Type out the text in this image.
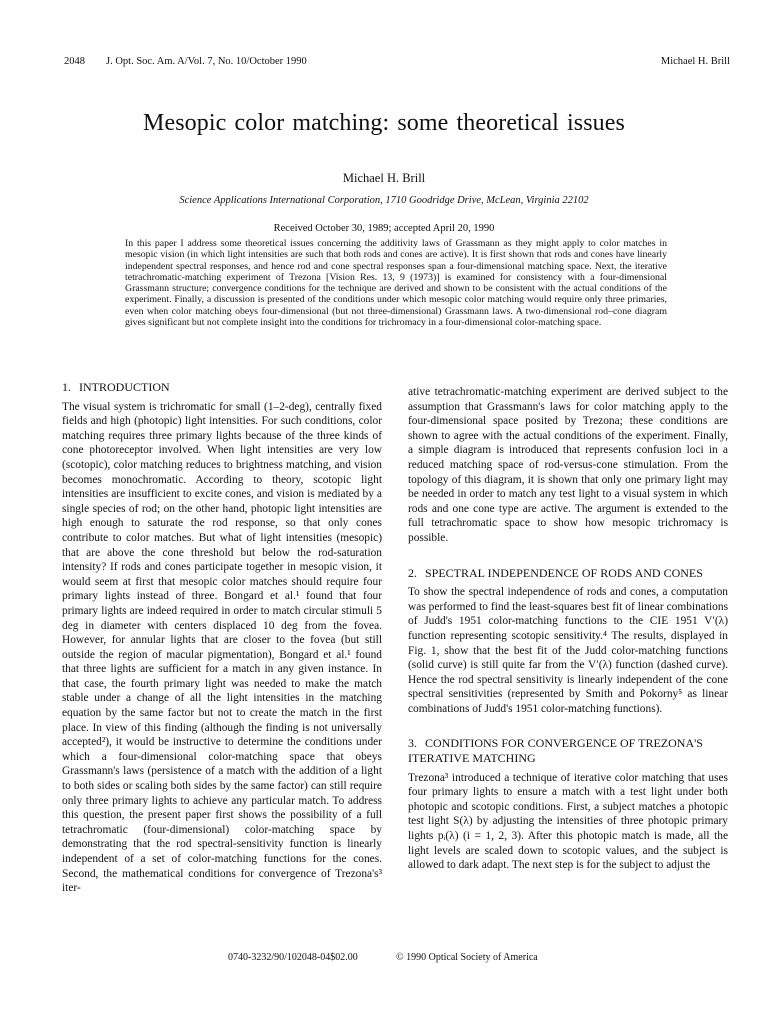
2048 J. Opt. Soc. Am. A/Vol. 7, No. 10/October 1990	Michael H. Brill
Mesopic color matching: some theoretical issues
Michael H. Brill
Science Applications International Corporation, 1710 Goodridge Drive, McLean, Virginia 22102
Received October 30, 1989; accepted April 20, 1990
In this paper I address some theoretical issues concerning the additivity laws of Grassmann as they might apply to color matches in mesopic vision (in which light intensities are such that both rods and cones are active). It is first shown that rods and cones have linearly independent spectral responses, and hence rod and cone spectral responses span a four-dimensional matching space. Next, the iterative tetrachromatic-matching experiment of Trezona [Vision Res. 13, 9 (1973)] is examined for consistency with a four-dimensional Grassmann structure; convergence conditions for the technique are derived and shown to be consistent with the actual conditions of the experiment. Finally, a discussion is presented of the conditions under which mesopic color matching would require only three primaries, even when color matching obeys four-dimensional (but not three-dimensional) Grassmann laws. A two-dimensional rod–cone diagram gives significant but not complete insight into the conditions for trichromacy in a four-dimensional color-matching space.
1. INTRODUCTION

The visual system is trichromatic for small (1–2-deg), centrally fixed fields and high (photopic) light intensities. For such conditions, color matching requires three primary lights because of the three kinds of cone photoreceptor involved. When light intensities are very low (scotopic), color matching reduces to brightness matching, and vision becomes monochromatic. According to theory, scotopic light intensities are insufficient to excite cones, and vision is mediated by a single species of rod; on the other hand, photopic light intensities are high enough to saturate the rod response, so that only cones contribute to color matches. But what of light intensities (mesopic) that are above the cone threshold but below the rod-saturation intensity? If rods and cones participate together in mesopic vision, it would seem at first that mesopic color matches should require four primary lights instead of three. Bongard et al.¹ found that four primary lights are indeed required in order to match circular stimuli 5 deg in diameter with centers displaced 10 deg from the fovea. However, for annular lights that are closer to the fovea (but still outside the region of macular pigmentation), Bongard et al.¹ found that three lights are sufficient for a match in any given instance. In that case, the fourth primary light was needed to make the match stable under a change of all the light intensities in the matching equation by the same factor but not to create the match in the first place. In view of this finding (although the finding is not universally accepted²), it would be instructive to determine the conditions under which a four-dimensional color-matching space that obeys Grassmann's laws (persistence of a match with the addition of a light to both sides or scaling both sides by the same factor) can still require only three primary lights to achieve any particular match. To address this question, the present paper first shows the possibility of a full tetrachromatic (four-dimensional) color-matching space by demonstrating that the rod spectral-sensitivity function is linearly independent of a set of color-matching functions for the cones. Second, the mathematical conditions for convergence of Trezona's³ iter-

ative tetrachromatic-matching experiment are derived subject to the assumption that Grassmann's laws for color matching apply to the four-dimensional space posited by Trezona; these conditions are shown to agree with the actual conditions of the experiment. Finally, a simple diagram is introduced that represents confusion loci in a reduced matching space of rod-versus-cone stimulation. From the topology of this diagram, it is shown that only one primary light may be needed in order to match any test light to a visual system in which rods and one cone type are active. The argument is extended to the full tetrachromatic space to show how mesopic trichromacy is possible.

2. SPECTRAL INDEPENDENCE OF RODS AND CONES

To show the spectral independence of rods and cones, a computation was performed to find the least-squares best fit of linear combinations of Judd's 1951 color-matching functions to the CIE 1951 V′(λ) function representing scotopic sensitivity.⁴ The results, displayed in Fig. 1, show that the best fit of the Judd color-matching functions (solid curve) is still quite far from the V′(λ) function (dashed curve). Hence the rod spectral sensitivity is linearly independent of the cone spectral sensitivities (represented by Smith and Pokorny⁵ as linear combinations of Judd's 1951 color-matching functions).

3. CONDITIONS FOR CONVERGENCE OF TREZONA'S ITERATIVE MATCHING

Trezona³ introduced a technique of iterative color matching that uses four primary lights to ensure a match with a test light under both photopic and scotopic conditions. First, a subject matches a photopic test light S(λ) by adjusting the intensities of three photopic primary lights pᵢ(λ) (i = 1, 2, 3). After this photopic match is made, all the light levels are scaled down to scotopic values, and the subject is allowed to dark adapt. The next step is for the subject to adjust the

0740-3232/90/102048-04$02.00	© 1990 Optical Society of America
